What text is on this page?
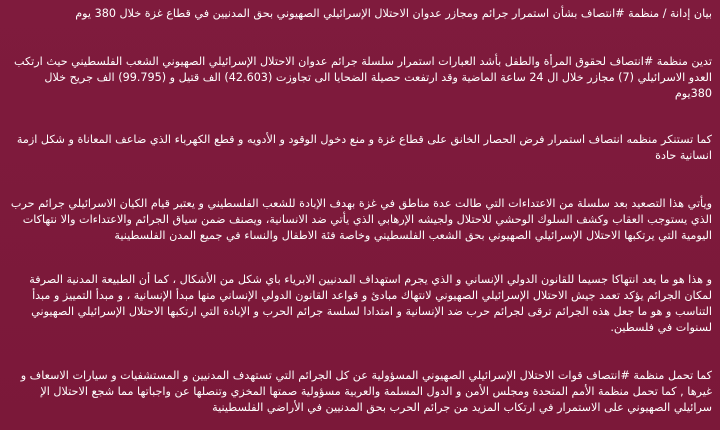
بيان إدانة / منظمة #انتصاف بشأن استمرار جرائم ومجازر عدوان الاحتلال الإسرائيلي الصهيوني بحق المدنيين في قطاع غزة خلال 380 يوم

تدين منظمة #انتصاف لحقوق المرأة والطفل بأشد العبارات استمرار سلسلة جرائم عدوان الاحتلال الإسرائيلي الصهيوني الشعب الفلسطيني حيث ارتكب العدو الاسرائيلي (7) مجازر خلال ال 24 ساعة الماضية وقد ارتفعت حصيلة الضحايا الى تجاوزت (42.603) الف قتيل و (99.795) الف جريح خلال 380يوم

كما تستنكر منظمه انتصاف استمرار فرض الحصار الخانق على قطاع غزة و منع دخول الوقود و الأدويه و قطع الكهرباء الذي ضاعف المعاناة و شكل ازمة انسانية حادة

ويأتي هذا التصعيد بعد سلسلة من الاعتداءات التي طالت عدة مناطق في غزة بهدف الإبادة للشعب الفلسطيني و يعتبر قيام الكيان الاسرائيلي جرائم حرب الذي يستوجب العقاب وكشف السلوك الوحشي للاحتلال ولجيشه الإرهابي الذي يأتي ضد الانسانية، ويصنف ضمن سياق الجرائم والاعتداءات والا نتهاكات اليومية التي يرتكبها الاحتلال الإسرائيلي الصهيوني بحق الشعب الفلسطيني وخاصة فئة الاطفال والنساء في جميع المدن الفلسطينية

و هذا هو ما يعد انتهاكا جسيما للقانون الدولي الإنساني و الذي يجرم استهداف المدنيين الابرياء باي شكل من الأشكال ، كما أن الطبيعة المدنية الصرفة لمكان الجرائم يؤكد تعمد جيش الاحتلال الإسرائيلي الصهيوني لانتهاك مبادئ و قواعد القانون الدولي الإنساني منها مبدأ الإنسانية ، و مبدأ التمييز و مبدأ التناسب و هو ما جعل هذه الجرائم ترقى لجرائم حرب ضد الإنسانية و امتدادا لسلسة جرائم الحرب و الإبادة التي ارتكبها الاحتلال الإسرائيلي الصهيوني لسنوات في فلسطين.

كما تحمل منظمة #انتصاف قوات الاحتلال الإسرائيلي الصهيوني المسؤولية عن كل الجرائم التي تستهدف المدنيين و المستشفيات و سيارات الاسعاف و غيرها , كما تحمل منظمة الأمم المتحدة ومجلس الأمن و الدول المسلمة والعربية مسؤولية صمتها المخزي وتنصلها عن واجباتها مما شجع الاحتلال الإ سرائيلي الصهيوني على الاستمرار في ارتكاب المزيد من جرائم الحرب بحق المدنيين في الأراضي الفلسطينية
